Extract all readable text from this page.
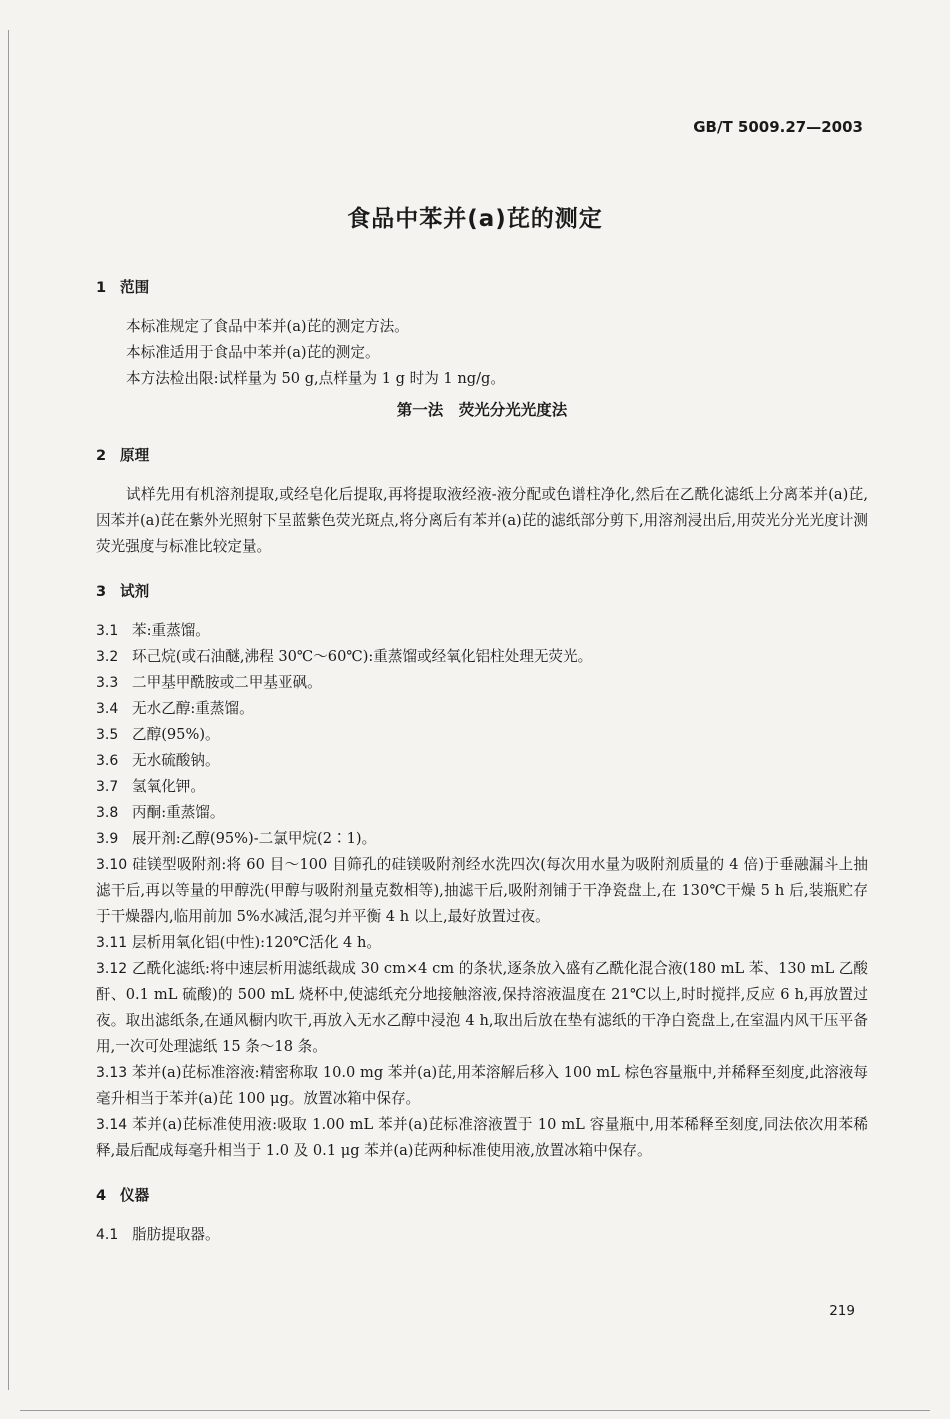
GB/T 5009.27—2003
食品中苯并(a)芘的测定
1 范围
本标准规定了食品中苯并(a)芘的测定方法。
本标准适用于食品中苯并(a)芘的测定。
本方法检出限:试样量为 50 g,点样量为 1 g 时为 1 ng/g。
第一法　荧光分光光度法
2 原理
试样先用有机溶剂提取,或经皂化后提取,再将提取液经液-液分配或色谱柱净化,然后在乙酰化滤纸上分离苯并(a)芘,因苯并(a)芘在紫外光照射下呈蓝紫色荧光斑点,将分离后有苯并(a)芘的滤纸部分剪下,用溶剂浸出后,用荧光分光光度计测荧光强度与标准比较定量。
3 试剂
3.1 苯:重蒸馏。
3.2 环己烷(或石油醚,沸程 30℃～60℃):重蒸馏或经氧化铝柱处理无荧光。
3.3 二甲基甲酰胺或二甲基亚砜。
3.4 无水乙醇:重蒸馏。
3.5 乙醇(95%)。
3.6 无水硫酸钠。
3.7 氢氧化钾。
3.8 丙酮:重蒸馏。
3.9 展开剂:乙醇(95%)-二氯甲烷(2∶1)。
3.10 硅镁型吸附剂:将 60 目～100 目筛孔的硅镁吸附剂经水洗四次(每次用水量为吸附剂质量的 4 倍)于垂融漏斗上抽滤干后,再以等量的甲醇洗(甲醇与吸附剂量克数相等),抽滤干后,吸附剂铺于干净瓷盘上,在 130℃干燥 5 h 后,装瓶贮存于干燥器内,临用前加 5%水减活,混匀并平衡 4 h 以上,最好放置过夜。
3.11 层析用氧化铝(中性):120℃活化 4 h。
3.12 乙酰化滤纸:将中速层析用滤纸裁成 30 cm×4 cm 的条状,逐条放入盛有乙酰化混合液(180 mL 苯、130 mL 乙酸酐、0.1 mL 硫酸)的 500 mL 烧杯中,使滤纸充分地接触溶液,保持溶液温度在 21℃以上,时时搅拌,反应 6 h,再放置过夜。取出滤纸条,在通风橱内吹干,再放入无水乙醇中浸泡 4 h,取出后放在垫有滤纸的干净白瓷盘上,在室温内风干压平备用,一次可处理滤纸 15 条～18 条。
3.13 苯并(a)芘标准溶液:精密称取 10.0 mg 苯并(a)芘,用苯溶解后移入 100 mL 棕色容量瓶中,并稀释至刻度,此溶液每毫升相当于苯并(a)芘 100 μg。放置冰箱中保存。
3.14 苯并(a)芘标准使用液:吸取 1.00 mL 苯并(a)芘标准溶液置于 10 mL 容量瓶中,用苯稀释至刻度,同法依次用苯稀释,最后配成每毫升相当于 1.0 及 0.1 μg 苯并(a)芘两种标准使用液,放置冰箱中保存。
4 仪器
4.1 脂肪提取器。
219
